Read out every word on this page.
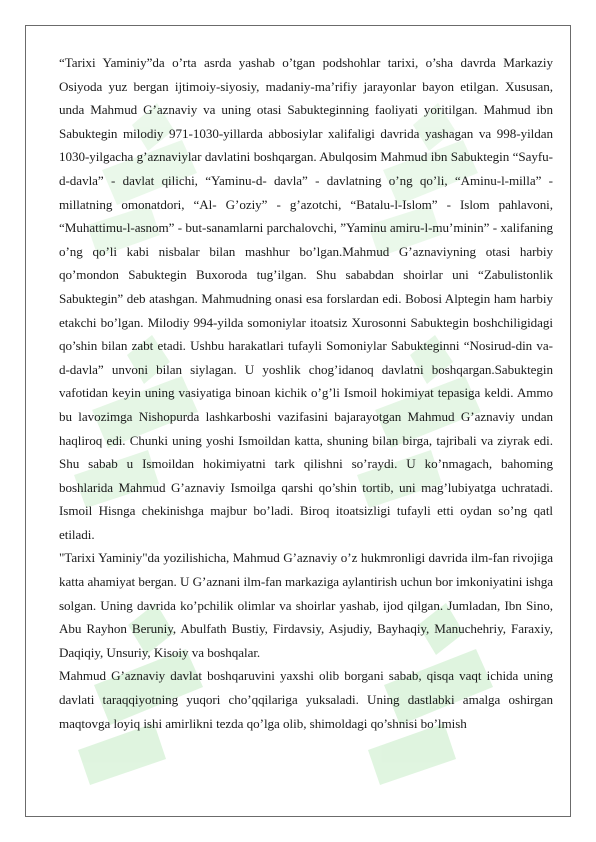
“Tarixi Yaminiy”da o’rta asrda yashab o’tgan podshohlar tarixi, o’sha davrda Markaziy Osiyoda yuz bergan ijtimoiy-siyosiy, madaniy-ma’rifiy jarayonlar bayon etilgan. Xususan, unda Mahmud G’aznaviy va uning otasi Sabukteginning faoliyati yoritilgan. Mahmud ibn Sabuktegin milodiy 971-1030-yillarda abbosiylar xalifaligi davrida yashagan va 998-yildan 1030-yilgacha g’aznaviylar davlatini boshqargan. Abulqosim Mahmud ibn Sabuktegin “Sayfu-d-davla” - davlat qilichi, “Yaminu-d- davla” - davlatning o’ng qo’li, “Aminu-l-milla” - millatning omonatdori, “Al- G’oziy” - g’azotchi, “Batalu-l-Islom” - Islom pahlavoni, “Muhattimu-l-asnom” - but-sanamlarni parchalovchi, ”Yaminu amiru-l-mu’minin” - xalifaning o’ng qo’li kabi nisbalar bilan mashhur bo’lgan.Mahmud G’aznaviyning otasi harbiy qo’mondon Sabuktegin Buxoroda tug’ilgan. Shu sababdan shoirlar uni “Zabulistonlik Sabuktegin” deb atashgan. Mahmudning onasi esa forslardan edi. Bobosi Alptegin ham harbiy etakchi bo’lgan. Milodiy 994-yilda somoniylar itoatsiz Xurosonni Sabuktegin boshchiligidagi qo’shin bilan zabt etadi. Ushbu harakatlari tufayli Somoniylar Sabukteginni “Nosirud-din va- d-davla” unvoni bilan siylagan. U yoshlik chog’idanoq davlatni boshqargan.Sabuktegin vafotidan keyin uning vasiyatiga binoan kichik o’g’li Ismoil hokimiyat tepasiga keldi. Ammo bu lavozimga Nishopurda lashkarboshi vazifasini bajarayotgan Mahmud G’aznaviy undan haqliroq edi. Chunki uning yoshi Ismoildan katta, shuning bilan birga, tajribali va ziyrak edi. Shu sabab u Ismoildan hokimiyatni tark qilishni so’raydi. U ko’nmagach, bahoming boshlarida Mahmud G’aznaviy Ismoilga qarshi qo’shin tortib, uni mag’lubiyatga uchratadi. Ismoil Hisnga chekinishga majbur bo’ladi. Biroq itoatsizligi tufayli etti oydan so’ng qatl etiladi.

"Tarixi Yaminiy"da yozilishicha, Mahmud G’aznaviy o’z hukmronligi davrida ilm-fan rivojiga katta ahamiyat bergan. U G’aznani ilm-fan markaziga aylantirish uchun bor imkoniyatini ishga solgan. Uning davrida ko’pchilik olimlar va shoirlar yashab, ijod qilgan. Jumladan, Ibn Sino, Abu Rayhon Beruniy, Abulfath Bustiy, Firdavsiy, Asjudiy, Bayhaqiy, Manuchehriy, Faraxiy, Daqiqiy, Unsuriy, Kisoiy va boshqalar.

Mahmud G’aznaviy davlat boshqaruvini yaxshi olib borgani sabab, qisqa vaqt ichida uning davlati taraqqiyotning yuqori cho’qqilariga yuksaladi. Uning dastlabki amalga oshirgan maqtovga loyiq ishi amirlikni tezda qo’lga olib, shimoldagi qo’shnisi bo’lmish
